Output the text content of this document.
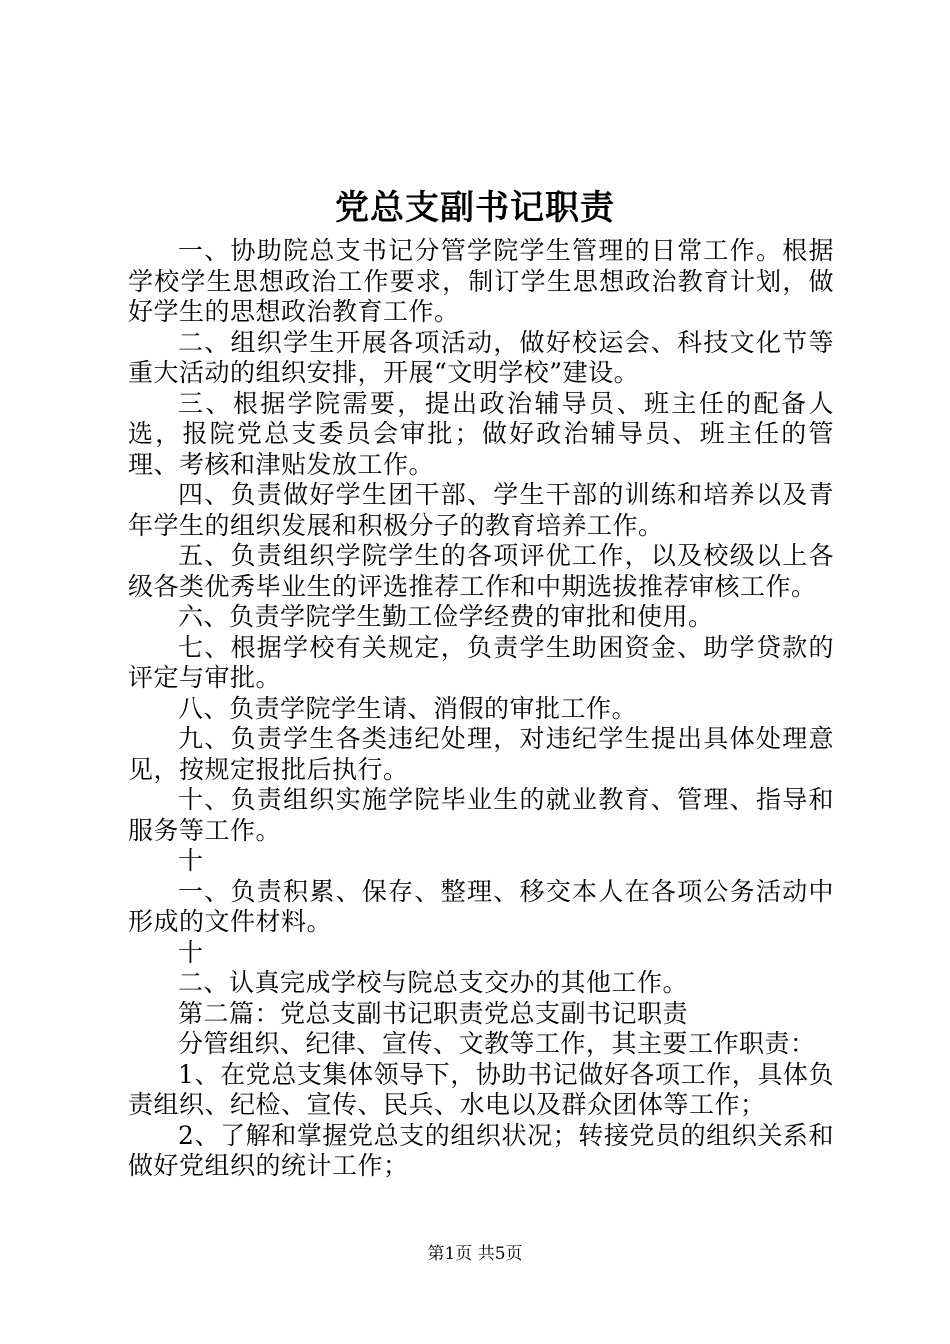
党总支副书记职责

一、协助院总支书记分管学院学生管理的日常工作。根据学校学生思想政治工作要求，制订学生思想政治教育计划，做好学生的思想政治教育工作。

二、组织学生开展各项活动，做好校运会、科技文化节等重大活动的组织安排，开展“文明学校”建设。

三、根据学院需要，提出政治辅导员、班主任的配备人选，报院党总支委员会审批；做好政治辅导员、班主任的管理、考核和津贴发放工作。

四、负责做好学生团干部、学生干部的训练和培养以及青年学生的组织发展和积极分子的教育培养工作。

五、负责组织学院学生的各项评优工作，以及校级以上各级各类优秀毕业生的评选推荐工作和中期选拔推荐审核工作。

六、负责学院学生勤工俭学经费的审批和使用。

七、根据学校有关规定，负责学生助困资金、助学贷款的评定与审批。

八、负责学院学生请、消假的审批工作。

九、负责学生各类违纪处理，对违纪学生提出具体处理意见，按规定报批后执行。

十、负责组织实施学院毕业生的就业教育、管理、指导和服务等工作。

十

一、负责积累、保存、整理、移交本人在各项公务活动中形成的文件材料。

十

二、认真完成学校与院总支交办的其他工作。

第二篇：党总支副书记职责党总支副书记职责

分管组织、纪律、宣传、文教等工作，其主要工作职责：

1、在党总支集体领导下，协助书记做好各项工作，具体负责组织、纪检、宣传、民兵、水电以及群众团体等工作；

2、了解和掌握党总支的组织状况；转接党员的组织关系和做好党组织的统计工作；

第1页 共5页
